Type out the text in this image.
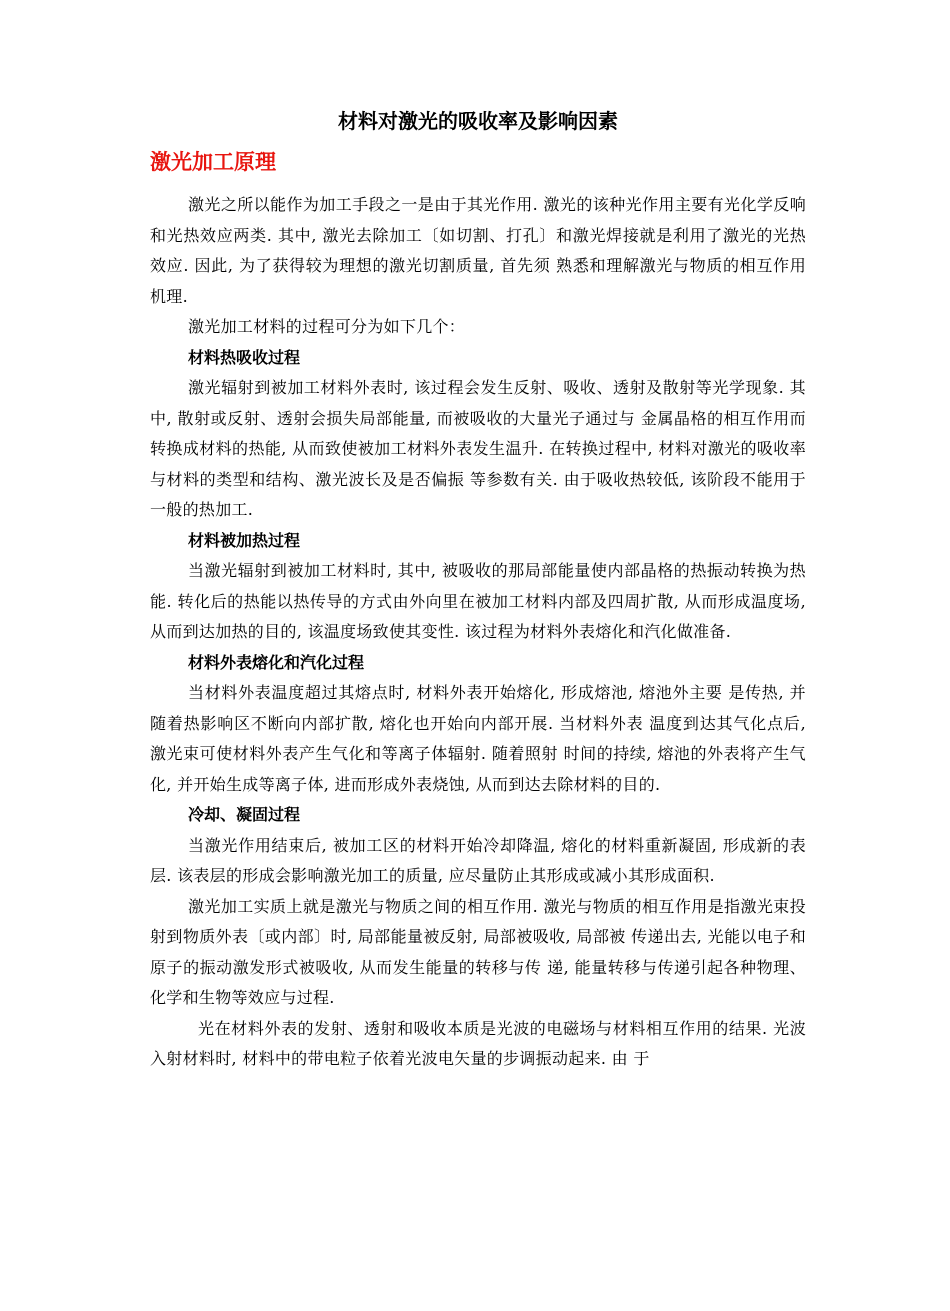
材料对激光的吸收率及影响因素
激光加工原理

激光之所以能作为加工手段之一是由于其光作用. 激光的该种光作用主要有光化学反响和光热效应两类. 其中, 激光去除加工〔如切割、打孔〕和激光焊接就是利用了激光的光热效应. 因此, 为了获得较为理想的激光切割质量, 首先须 熟悉和理解激光与物质的相互作用机理.

激光加工材料的过程可分为如下几个：

材料热吸收过程

激光辐射到被加工材料外表时, 该过程会发生反射、吸收、透射及散射等光学现象. 其中, 散射或反射、透射会损失局部能量, 而被吸收的大量光子通过与 金属晶格的相互作用而转换成材料的热能, 从而致使被加工材料外表发生温升. 在转换过程中, 材料对激光的吸收率与材料的类型和结构、激光波长及是否偏振 等参数有关. 由于吸收热较低, 该阶段不能用于一般的热加工.

材料被加热过程

当激光辐射到被加工材料时, 其中, 被吸收的那局部能量使内部晶格的热振动转换为热能. 转化后的热能以热传导的方式由外向里在被加工材料内部及四周扩散, 从而形成温度场, 从而到达加热的目的, 该温度场致使其变性. 该过程为材料外表熔化和汽化做准备.

材料外表熔化和汽化过程

当材料外表温度超过其熔点时, 材料外表开始熔化, 形成熔池, 熔池外主要 是传热, 并随着热影响区不断向内部扩散, 熔化也开始向内部开展. 当材料外表 温度到达其气化点后, 激光束可使材料外表产生气化和等离子体辐射. 随着照射 时间的持续, 熔池的外表将产生气化, 并开始生成等离子体, 进而形成外表烧蚀, 从而到达去除材料的目的.

冷却、凝固过程

当激光作用结束后, 被加工区的材料开始冷却降温, 熔化的材料重新凝固, 形成新的表层. 该表层的形成会影响激光加工的质量, 应尽量防止其形成或减小其形成面积.

激光加工实质上就是激光与物质之间的相互作用. 激光与物质的相互作用是指激光束投射到物质外表〔或内部〕时, 局部能量被反射, 局部被吸收, 局部被 传递出去, 光能以电子和原子的振动激发形式被吸收, 从而发生能量的转移与传 递, 能量转移与传递引起各种物理、化学和生物等效应与过程.

光在材料外表的发射、透射和吸收本质是光波的电磁场与材料相互作用的结果. 光波入射材料时, 材料中的带电粒子依着光波电矢量的步调振动起来. 由 于
